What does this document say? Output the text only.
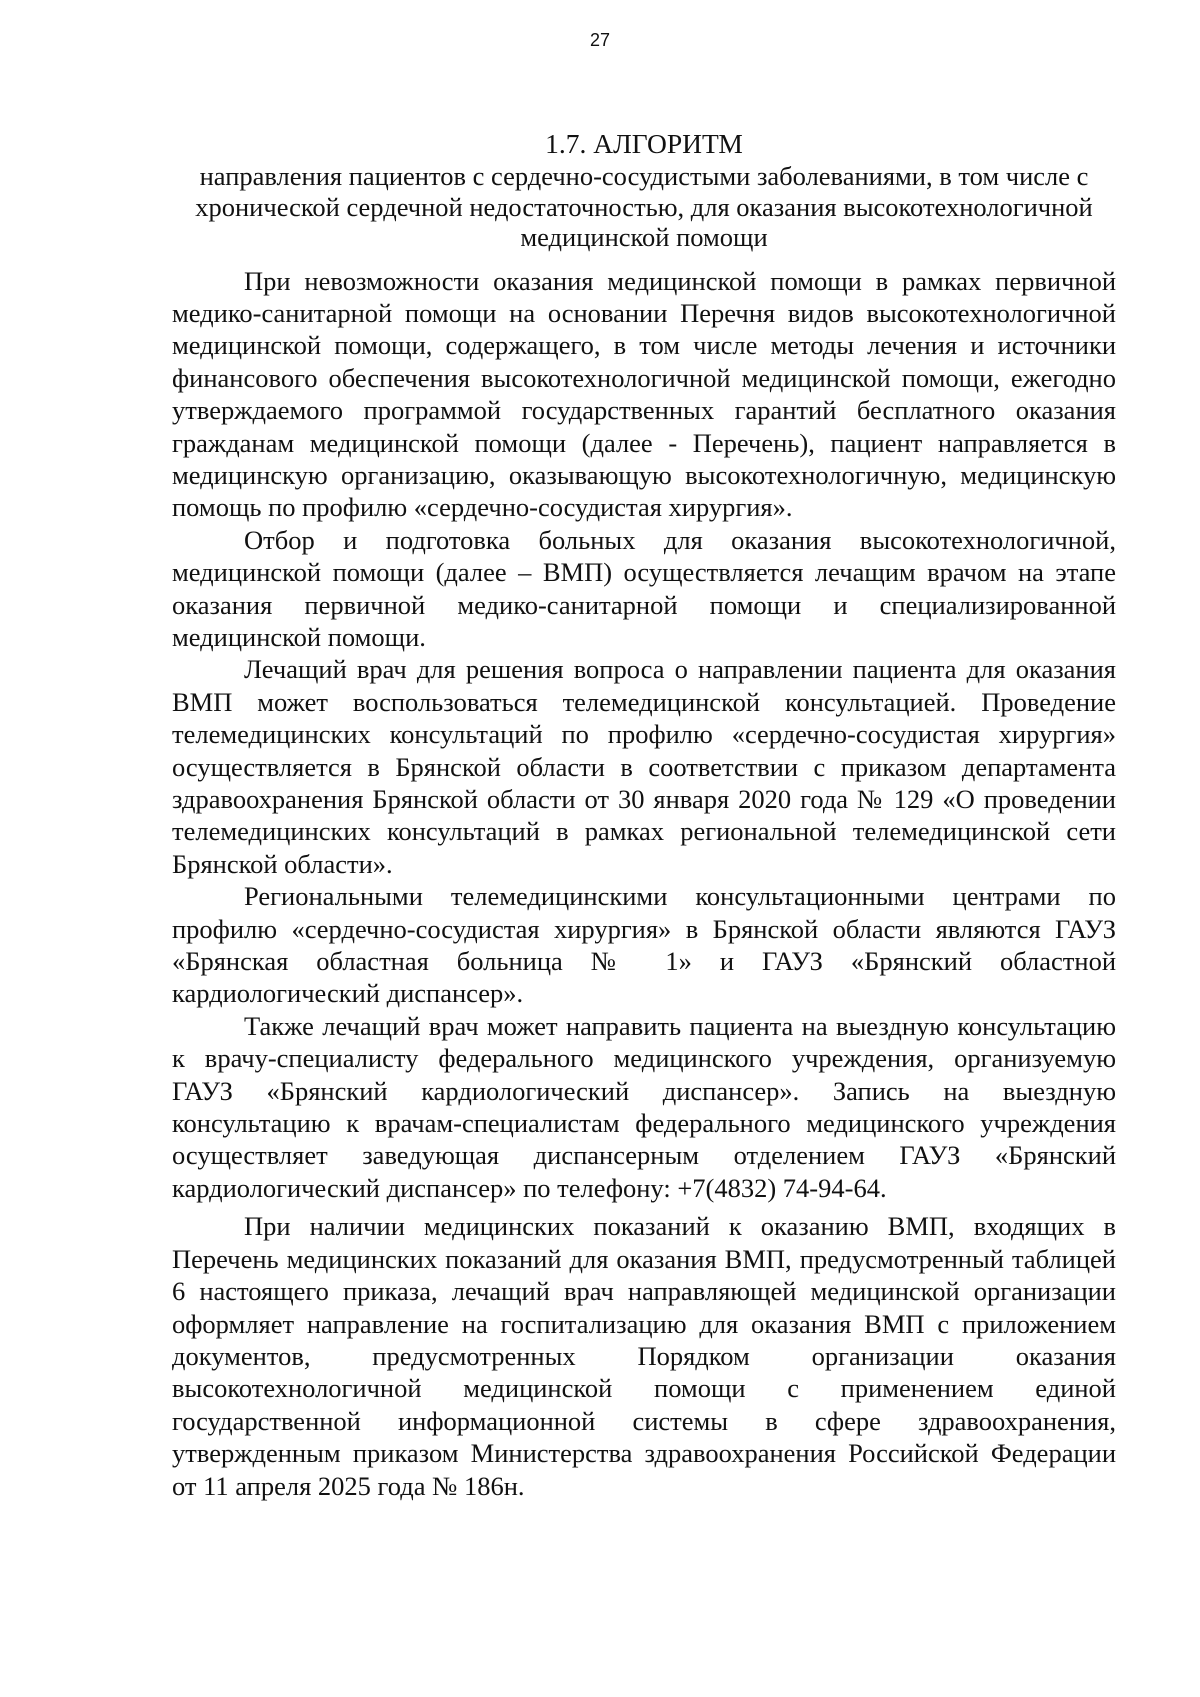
27
1.7. АЛГОРИТМ
направления пациентов с сердечно-сосудистыми заболеваниями, в том числе с хронической сердечной недостаточностью, для оказания высокотехнологичной медицинской помощи

При невозможности оказания медицинской помощи в рамках первичной медико-санитарной помощи на основании Перечня видов высокотехнологичной медицинской помощи, содержащего, в том числе методы лечения и источники финансового обеспечения высокотехнологичной медицинской помощи, ежегодно утверждаемого программой государственных гарантий бесплатного оказания гражданам медицинской помощи (далее - Перечень), пациент направляется в медицинскую организацию, оказывающую высокотехнологичную, медицинскую помощь по профилю «сердечно-сосудистая хирургия».

Отбор и подготовка больных для оказания высокотехнологичной, медицинской помощи (далее – ВМП) осуществляется лечащим врачом на этапе оказания первичной медико-санитарной помощи и специализированной медицинской помощи.

Лечащий врач для решения вопроса о направлении пациента для оказания ВМП может воспользоваться телемедицинской консультацией. Проведение телемедицинских консультаций по профилю «сердечно-сосудистая хирургия» осуществляется в Брянской области в соответствии с приказом департамента здравоохранения Брянской области от 30 января 2020 года № 129 «О проведении телемедицинских консультаций в рамках региональной телемедицинской сети Брянской области».

Региональными телемедицинскими консультационными центрами по профилю «сердечно-сосудистая хирургия» в Брянской области являются ГАУЗ «Брянская областная больница № 1» и ГАУЗ «Брянский областной кардиологический диспансер».

Также лечащий врач может направить пациента на выездную консультацию к врачу-специалисту федерального медицинского учреждения, организуемую ГАУЗ «Брянский кардиологический диспансер». Запись на выездную консультацию к врачам-специалистам федерального медицинского учреждения осуществляет заведующая диспансерным отделением ГАУЗ «Брянский кардиологический диспансер» по телефону: +7(4832) 74-94-64.

При наличии медицинских показаний к оказанию ВМП, входящих в Перечень медицинских показаний для оказания ВМП, предусмотренный таблицей 6 настоящего приказа, лечащий врач направляющей медицинской организации оформляет направление на госпитализацию для оказания ВМП с приложением документов, предусмотренных Порядком организации оказания высокотехнологичной медицинской помощи с применением единой государственной информационной системы в сфере здравоохранения, утвержденным приказом Министерства здравоохранения Российской Федерации от 11 апреля 2025 года № 186н.
